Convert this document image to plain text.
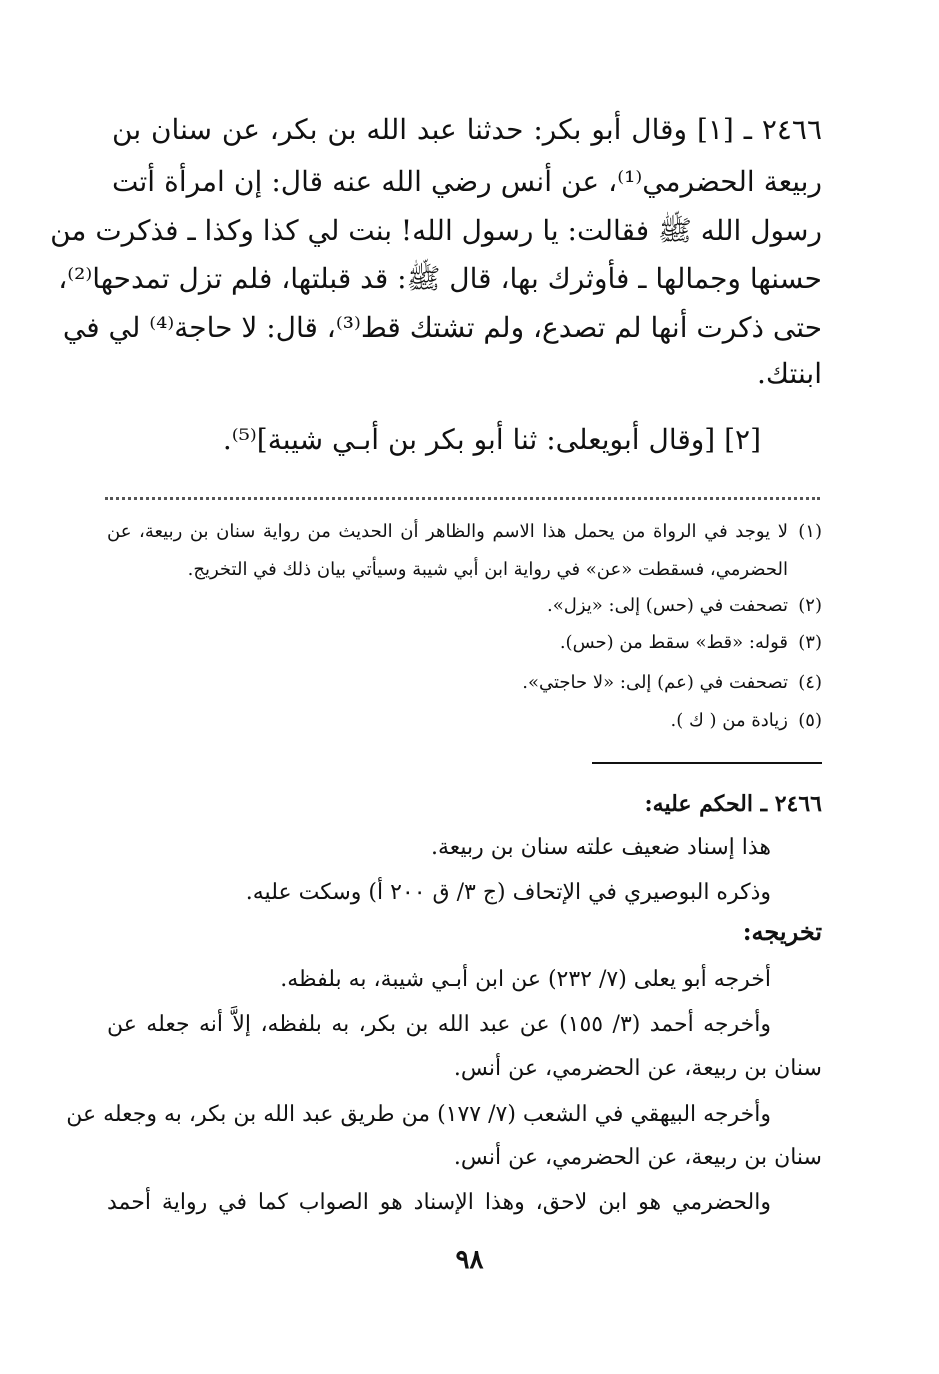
٢٤٦٦ ـ [١] وقال أبو بكر: حدثنا عبد الله بن بكر، عن سنان بن

ربيعة الحضرمي⁽¹⁾، عن أنس رضي الله عنه قال: إن امرأة أتت

رسول الله ﷺ فقالت: يا رسول الله! بنت لي كذا وكذا ـ فذكرت من

حسنها وجمالها ـ فأوثرك بها، قال ﷺ: قد قبلتها، فلم تزل تمدحها⁽²⁾،

حتى ذكرت أنها لم تصدع، ولم تشتك قط⁽³⁾، قال: لا حاجة⁽⁴⁾ لي في

ابنتك.

[٢] [وقال أبويعلى: ثنا أبو بكر بن أبـي شيبة]⁽⁵⁾.

(١)لا يوجد في الرواة من يحمل هذا الاسم والظاهر أن الحديث من رواية سنان بن ربيعة، عن

الحضرمي، فسقطت «عن» في رواية ابن أبي شيبة وسيأتي بيان ذلك في التخريج.

(٢)تصحفت في (حس) إلى: «يزل».

(٣)قوله: «قط» سقط من (حس).

(٤)تصحفت في (عم) إلى: «لا حاجتي».

(٥)زيادة من ( ك ).

٢٤٦٦ ـ الحكم عليه:

هذا إسناد ضعيف علته سنان بن ربيعة.

وذكره البوصيري في الإتحاف (ج ٣/ ق ٢٠٠ أ) وسكت عليه.

تخريجه:

أخرجه أبو يعلى (٧/ ٢٣٢) عن ابن أبـي شيبة، به بلفظه.

وأخرجه أحمد (٣/ ١٥٥) عن عبد الله بن بكر، به بلفظه، إلاَّ أنه جعله عن

سنان بن ربيعة، عن الحضرمي، عن أنس.

وأخرجه البيهقي في الشعب (٧/ ١٧٧) من طريق عبد الله بن بكر، به وجعله عن

سنان بن ربيعة، عن الحضرمي، عن أنس.

والحضرمي هو ابن لاحق، وهذا الإسناد هو الصواب كما في رواية أحمد

٩٨
